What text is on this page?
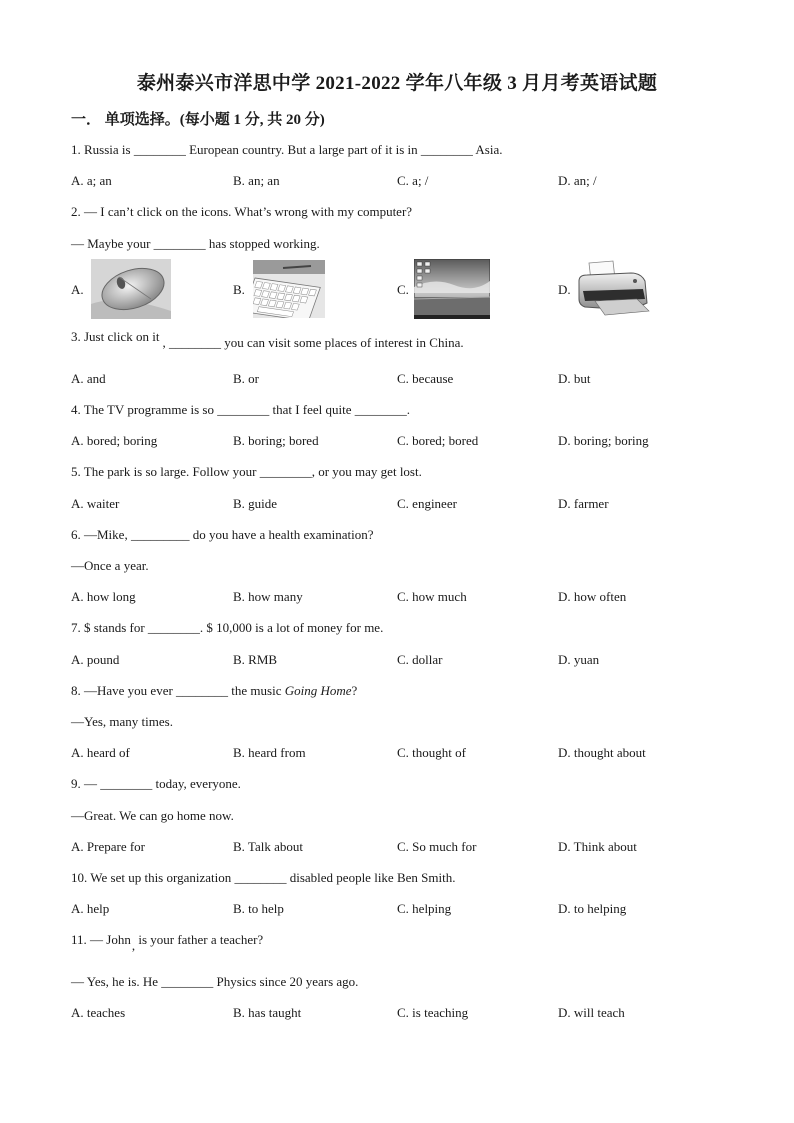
泰州泰兴市洋思中学 2021-2022 学年八年级 3 月月考英语试题
一． 单项选择。(每小题 1 分, 共 20 分)
1. Russia is ________ European country. But a large part of it is in ________ Asia.
A. a; an	B. an; an	C. a; /	D. an; /
2. — I can’t click on the icons. What’s wrong with my computer?
— Maybe your ________ has stopped working.
A.	B.	C.	D.
3. Just click on it , ________ you can visit some places of interest in China.
A. and	B. or	C. because	D. but
4. The TV programme is so ________ that I feel quite ________.
A. bored; boring	B. boring; bored	C. bored; bored	D. boring; boring
5. The park is so large. Follow your ________, or you may get lost.
A. waiter	B. guide	C. engineer	D. farmer
6. —Mike, _________ do you have a health examination?
—Once a year.
A. how long	B. how many	C. how much	D. how often
7. $ stands for ________. $ 10,000 is a lot of money for me.
A. pound	B. RMB	C. dollar	D. yuan
8. —Have you ever ________ the music Going Home?
—Yes, many times.
A. heard of	B. heard from	C. thought of	D. thought about
9. — ________ today, everyone.
—Great. We can go home now.
A. Prepare for	B. Talk about	C. So much for	D. Think about
10. We set up this organization ________ disabled people like Ben Smith.
A. help	B. to help	C. helping	D. to helping
11. — John, is your father a teacher?
— Yes, he is. He ________ Physics since 20 years ago.
A. teaches	B. has taught	C. is teaching	D. will teach
